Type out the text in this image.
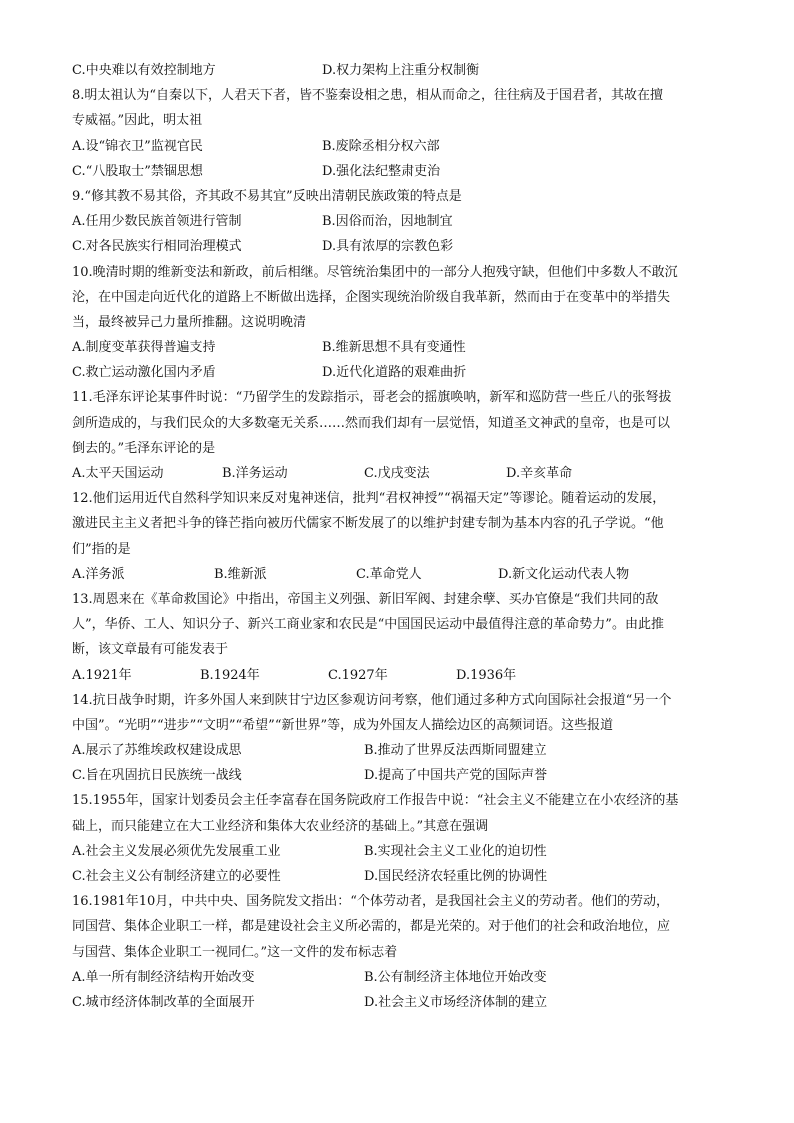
C.中央难以有效控制地方	D.权力架构上注重分权制衡
8.明太祖认为“自秦以下，人君天下者，皆不鉴秦设相之患，相从而命之，往往病及于国君者，其故在擅
专威福。”因此，明太祖
A.设“锦衣卫”监视官民	B.废除丞相分权六部
C.“八股取士”禁锢思想	D.强化法纪整肃吏治
9.“修其教不易其俗，齐其政不易其宜”反映出清朝民族政策的特点是
A.任用少数民族首领进行管制	B.因俗而治，因地制宜
C.对各民族实行相同治理模式	D.具有浓厚的宗教色彩
10.晚清时期的维新变法和新政，前后相继。尽管统治集团中的一部分人抱残守缺，但他们中多数人不敢沉
沦，在中国走向近代化的道路上不断做出选择，企图实现统治阶级自我革新，然而由于在变革中的举措失
当，最终被异己力量所推翻。这说明晚清
A.制度变革获得普遍支持	B.维新思想不具有变通性
C.救亡运动激化国内矛盾	D.近代化道路的艰难曲折
11.毛泽东评论某事件时说：“乃留学生的发踪指示，哥老会的摇旗唤呐，新军和巡防营一些丘八的张弩拔
剑所造成的，与我们民众的大多数毫无关系……然而我们却有一层觉悟，知道圣文神武的皇帝，也是可以
倒去的。”毛泽东评论的是
A.太平天国运动	B.洋务运动	C.戊戌变法	D.辛亥革命
12.他们运用近代自然科学知识来反对鬼神迷信，批判“君权神授”“祸福天定”等谬论。随着运动的发展，
激进民主主义者把斗争的锋芒指向被历代儒家不断发展了的以维护封建专制为基本内容的孔子学说。“他
们”指的是
A.洋务派	B.维新派	C.革命党人	D.新文化运动代表人物
13.周恩来在《革命救国论》中指出，帝国主义列强、新旧军阀、封建余孽、买办官僚是“我们共同的敌
人”，华侨、工人、知识分子、新兴工商业家和农民是“中国国民运动中最值得注意的革命势力”。由此推
断，该文章最有可能发表于
A.1921年	B.1924年	C.1927年	D.1936年
14.抗日战争时期，许多外国人来到陕甘宁边区参观访问考察，他们通过多种方式向国际社会报道“另一个
中国”。“光明”“进步”“文明”“希望”“新世界”等，成为外国友人描绘边区的高频词语。这些报道
A.展示了苏维埃政权建设成思	B.推动了世界反法西斯同盟建立
C.旨在巩固抗日民族统一战线	D.提高了中国共产党的国际声誉
15.1955年，国家计划委员会主任李富春在国务院政府工作报告中说：“社会主义不能建立在小农经济的基
础上，而只能建立在大工业经济和集体大农业经济的基础上。”其意在强调
A.社会主义发展必须优先发展重工业	B.实现社会主义工业化的迫切性
C.社会主义公有制经济建立的必要性	D.国民经济农轻重比例的协调性
16.1981年10月，中共中央、国务院发文指出：“个体劳动者，是我国社会主义的劳动者。他们的劳动，
同国营、集体企业职工一样，都是建设社会主义所必需的，都是光荣的。对于他们的社会和政治地位，应
与国营、集体企业职工一视同仁。”这一文件的发布标志着
A.单一所有制经济结构开始改变	B.公有制经济主体地位开始改变
C.城市经济体制改革的全面展开	D.社会主义市场经济体制的建立
